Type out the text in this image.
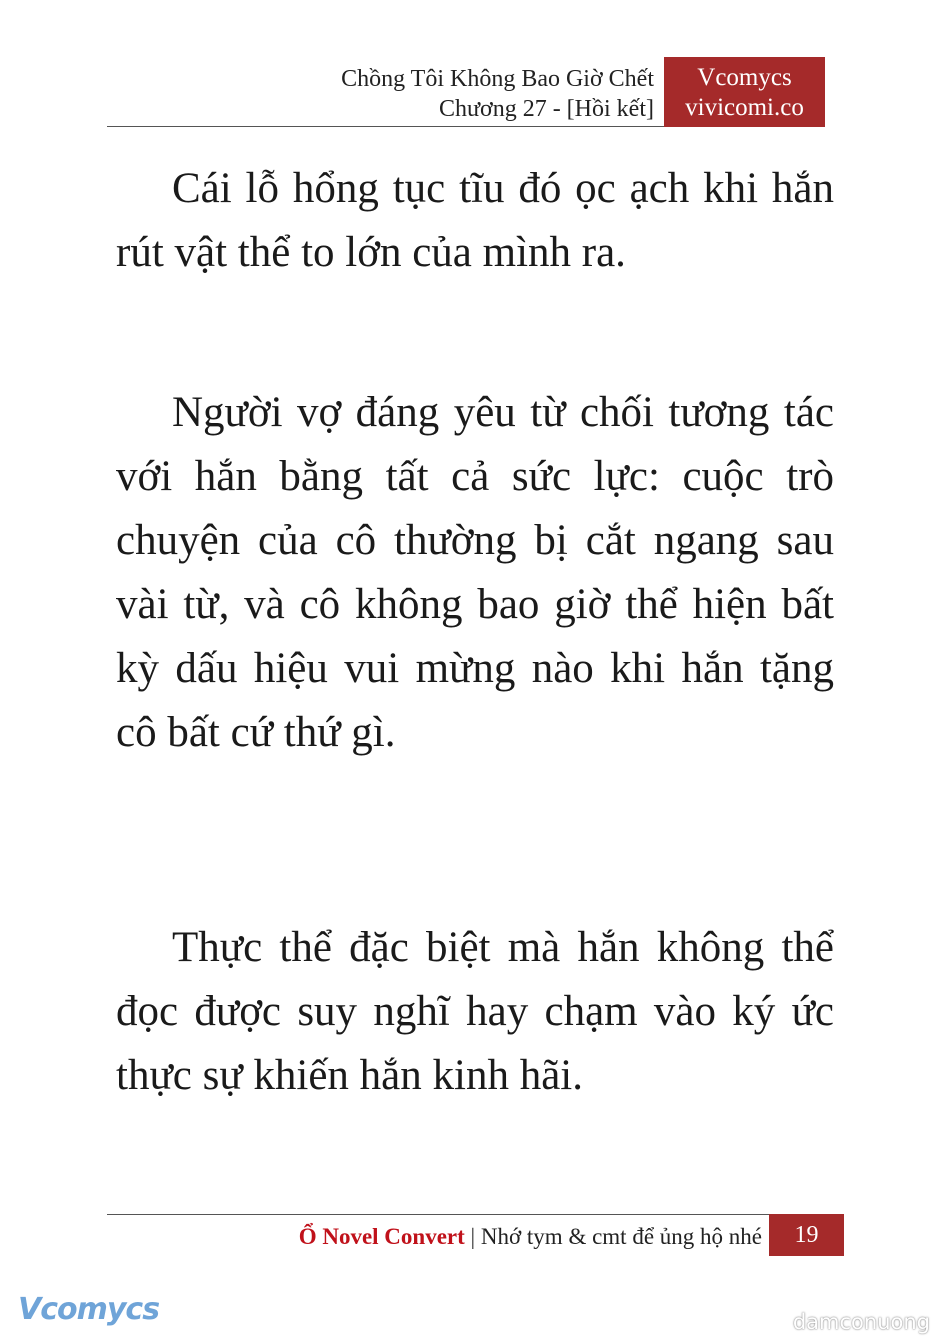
Chồng Tôi Không Bao Giờ Chết
Chương 27 - [Hồi kết]
Vcomycs
vivicomi.co

Cái lỗ hổng tục tĩu đó ọc ạch khi hắn rút vật thể to lớn của mình ra.

Người vợ đáng yêu từ chối tương tác với hắn bằng tất cả sức lực: cuộc trò chuyện của cô thường bị cắt ngang sau vài từ, và cô không bao giờ thể hiện bất kỳ dấu hiệu vui mừng nào khi hắn tặng cô bất cứ thứ gì.

Thực thể đặc biệt mà hắn không thể đọc được suy nghĩ hay chạm vào ký ức thực sự khiến hắn kinh hãi.

Ổ Novel Convert | Nhớ tym & cmt để ủng hộ nhé	19
Vcomycs	damconuong
